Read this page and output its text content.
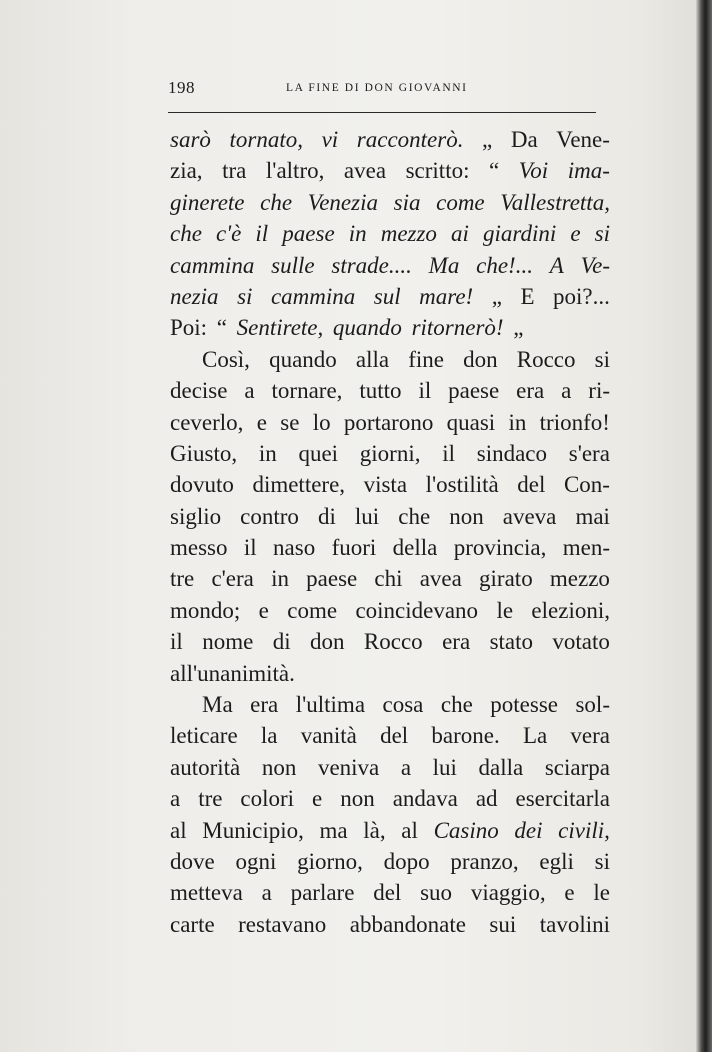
198	LA FINE DI DON GIOVANNI
sarò tornato, vi racconterò. „ Da Vene-
zia, tra l'altro, avea scritto: “ Voi ima-
ginerete che Venezia sia come Vallestretta,
che c'è il paese in mezzo ai giardini e si
cammina sulle strade.... Ma che!... A Ve-
nezia si cammina sul mare! „ E poi?...
Poi: “ Sentirete, quando ritornerò! „
Così, quando alla fine don Rocco si
decise a tornare, tutto il paese era a ri-
ceverlo, e se lo portarono quasi in trionfo!
Giusto, in quei giorni, il sindaco s'era
dovuto dimettere, vista l'ostilità del Con-
siglio contro di lui che non aveva mai
messo il naso fuori della provincia, men-
tre c'era in paese chi avea girato mezzo
mondo; e come coincidevano le elezioni,
il nome di don Rocco era stato votato
all'unanimità.
Ma era l'ultima cosa che potesse sol-
leticare la vanità del barone. La vera
autorità non veniva a lui dalla sciarpa
a tre colori e non andava ad esercitarla
al Municipio, ma là, al Casino dei civili,
dove ogni giorno, dopo pranzo, egli si
metteva a parlare del suo viaggio, e le
carte restavano abbandonate sui tavolini
